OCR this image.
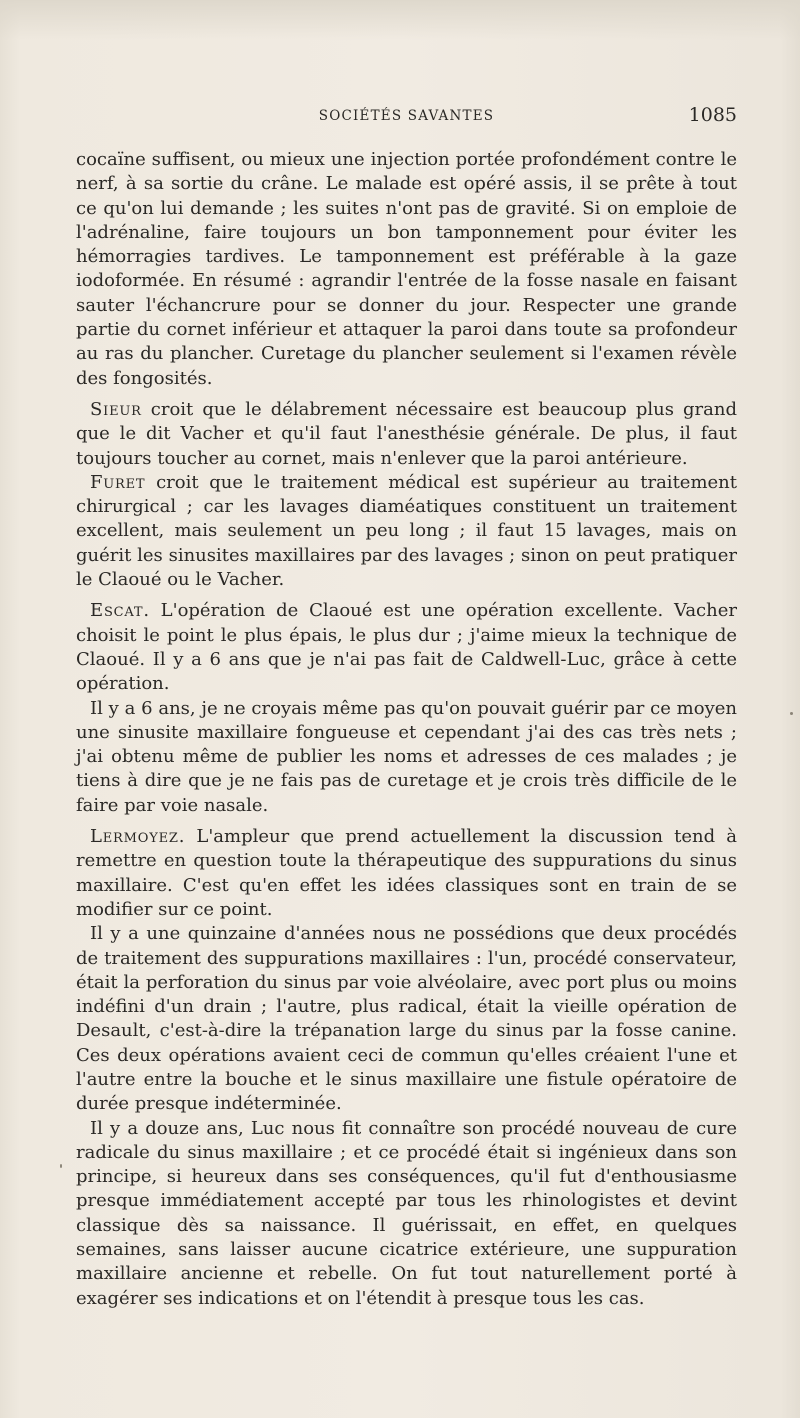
SOCIÉTÉS SAVANTES	1085

cocaïne suffisent, ou mieux une injection portée profondément contre le nerf, à sa sortie du crâne. Le malade est opéré assis, il se prête à tout ce qu'on lui demande ; les suites n'ont pas de gravité. Si on emploie de l'adrénaline, faire toujours un bon tamponnement pour éviter les hémorragies tardives. Le tamponnement est préférable à la gaze iodoformée. En résumé : agrandir l'entrée de la fosse nasale en faisant sauter l'échancrure pour se donner du jour. Respecter une grande partie du cornet inférieur et attaquer la paroi dans toute sa profondeur au ras du plancher. Curetage du plancher seulement si l'examen révèle des fongosités.

Sieur croit que le délabrement nécessaire est beaucoup plus grand que le dit Vacher et qu'il faut l'anesthésie générale. De plus, il faut toujours toucher au cornet, mais n'enlever que la paroi antérieure.

Furet croit que le traitement médical est supérieur au traitement chirurgical ; car les lavages diaméatiques constituent un traitement excellent, mais seulement un peu long ; il faut 15 lavages, mais on guérit les sinusites maxillaires par des lavages ; sinon on peut pratiquer le Claoué ou le Vacher.

Escat. L'opération de Claoué est une opération excellente. Vacher choisit le point le plus épais, le plus dur ; j'aime mieux la technique de Claoué. Il y a 6 ans que je n'ai pas fait de Caldwell-Luc, grâce à cette opération.

Il y a 6 ans, je ne croyais même pas qu'on pouvait guérir par ce moyen une sinusite maxillaire fongueuse et cependant j'ai des cas très nets ; j'ai obtenu même de publier les noms et adresses de ces malades ; je tiens à dire que je ne fais pas de curetage et je crois très difficile de le faire par voie nasale.

Lermoyez. L'ampleur que prend actuellement la discussion tend à remettre en question toute la thérapeutique des suppurations du sinus maxillaire. C'est qu'en effet les idées classiques sont en train de se modifier sur ce point.

Il y a une quinzaine d'années nous ne possédions que deux procédés de traitement des suppurations maxillaires : l'un, procédé conservateur, était la perforation du sinus par voie alvéolaire, avec port plus ou moins indéfini d'un drain ; l'autre, plus radical, était la vieille opération de Desault, c'est-à-dire la trépanation large du sinus par la fosse canine. Ces deux opérations avaient ceci de commun qu'elles créaient l'une et l'autre entre la bouche et le sinus maxillaire une fistule opératoire de durée presque indéterminée.

Il y a douze ans, Luc nous fit connaître son procédé nouveau de cure radicale du sinus maxillaire ; et ce procédé était si ingénieux dans son principe, si heureux dans ses conséquences, qu'il fut d'enthousiasme presque immédiatement accepté par tous les rhinologistes et devint classique dès sa naissance. Il guérissait, en effet, en quelques semaines, sans laisser aucune cicatrice extérieure, une suppuration maxillaire ancienne et rebelle. On fut tout naturellement porté à exagérer ses indications et on l'étendit à presque tous les cas.
